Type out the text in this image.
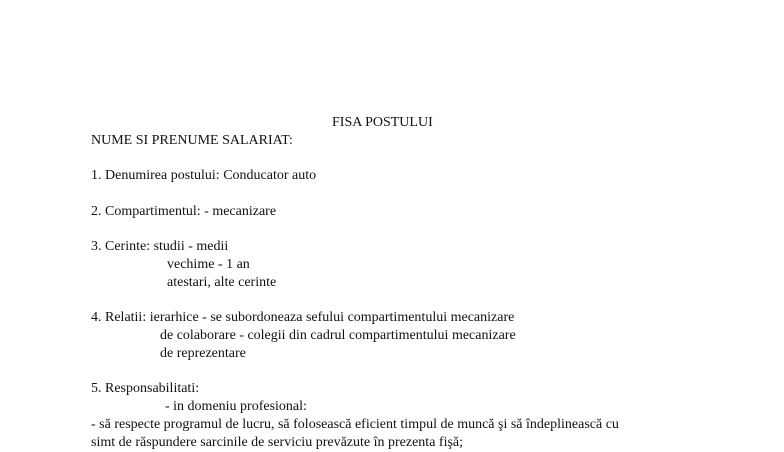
FISA POSTULUI
NUME SI PRENUME SALARIAT:
1. Denumirea postului: Conducator auto
2. Compartimentul: - mecanizare
3. Cerinte: studii - medii
vechime - 1 an
atestari, alte cerinte
4. Relatii: ierarhice - se subordoneaza sefului compartimentului mecanizare
de colaborare - colegii din cadrul compartimentului mecanizare
de reprezentare
5. Responsabilitati:
- in domeniu profesional:
- să respecte programul de lucru, să folosească eficient timpul de muncă şi să îndeplinească cu
simt de răspundere sarcinile de serviciu prevăzute în prezenta fişă;
